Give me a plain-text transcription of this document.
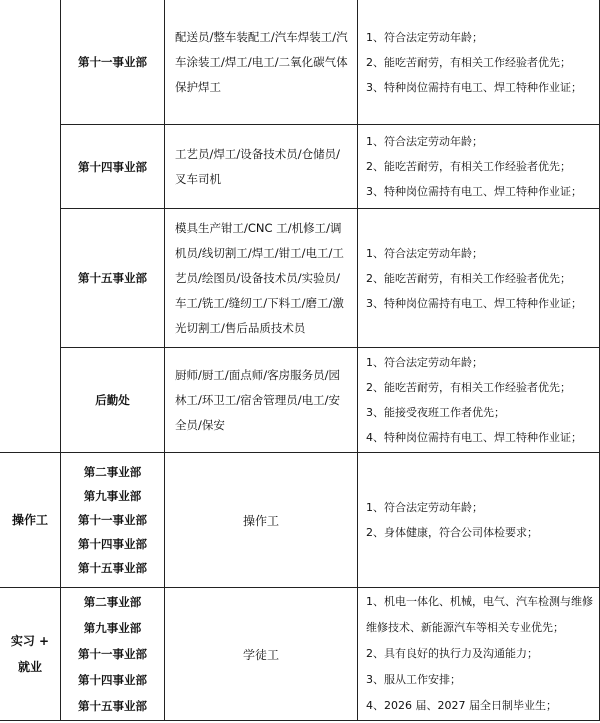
第十一事业部
配送员/整车装配工/汽车焊装工/汽车涂装工/焊工/电工/二氧化碳气体保护焊工
1、符合法定劳动年龄；
2、能吃苦耐劳，有相关工作经验者优先；
3、特种岗位需持有电工、焊工特种作业证；
第十四事业部
工艺员/焊工/设备技术员/仓储员/叉车司机
1、符合法定劳动年龄；
2、能吃苦耐劳，有相关工作经验者优先；
3、特种岗位需持有电工、焊工特种作业证；
第十五事业部
模具生产钳工/CNC 工/机修工/调机员/线切割工/焊工/钳工/电工/工艺员/绘图员/设备技术员/实验员/车工/铣工/缝纫工/下料工/磨工/激光切割工/售后品质技术员
1、符合法定劳动年龄；
2、能吃苦耐劳，有相关工作经验者优先；
3、特种岗位需持有电工、焊工特种作业证；
后勤处
厨师/厨工/面点师/客房服务员/园林工/环卫工/宿舍管理员/电工/安全员/保安
1、符合法定劳动年龄；
2、能吃苦耐劳，有相关工作经验者优先；
3、能接受夜班工作者优先；
4、特种岗位需持有电工、焊工特种作业证；
操作工
第二事业部
第九事业部
第十一事业部
第十四事业部
第十五事业部
操作工
1、符合法定劳动年龄；
2、身体健康，符合公司体检要求；
实习 +
就业
第二事业部
第九事业部
第十一事业部
第十四事业部
第十五事业部
学徒工
1、机电一体化、机械，电气、汽车检测与维修
维修技术、新能源汽车等相关专业优先；
2、具有良好的执行力及沟通能力；
3、服从工作安排；
4、2026 届、2027 届全日制毕业生；
